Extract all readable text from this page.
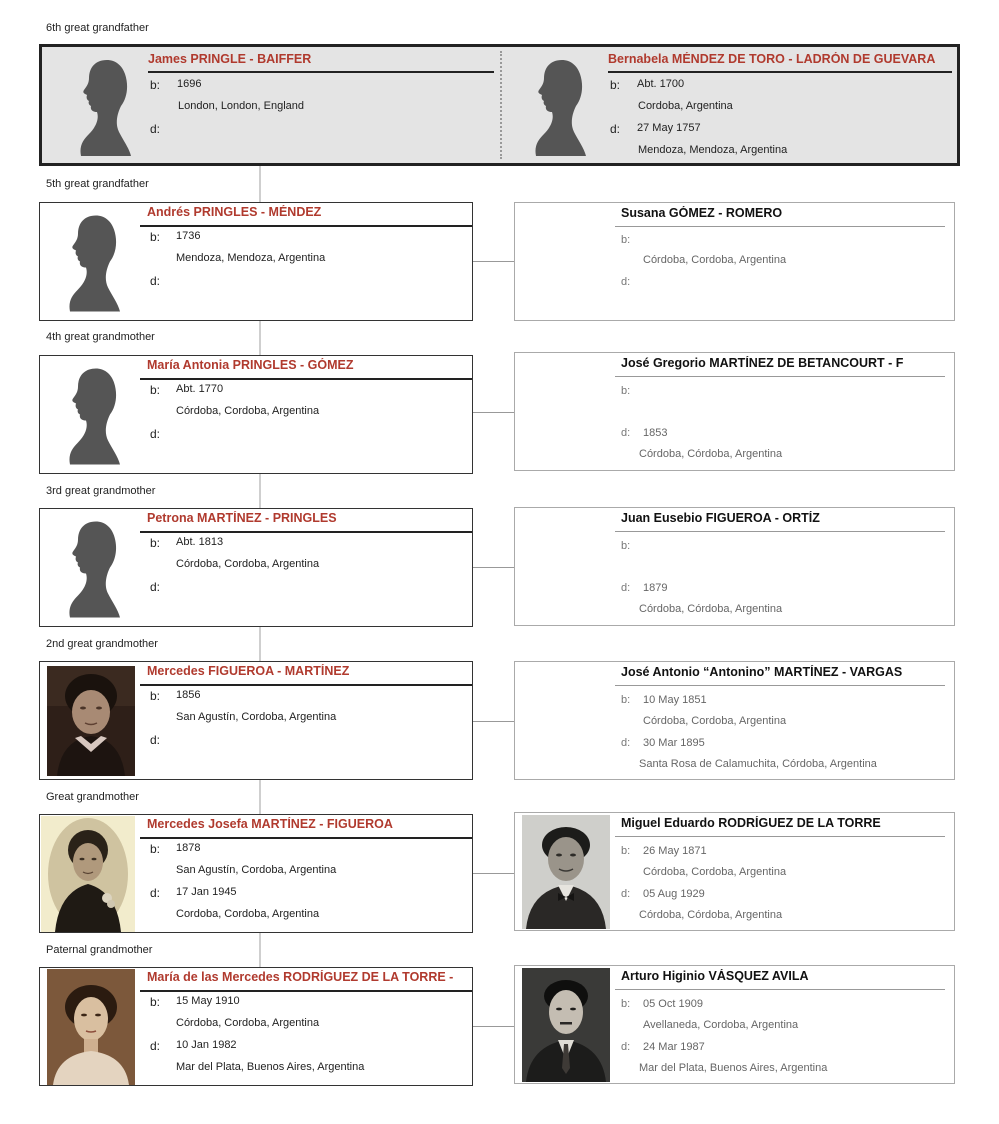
6th great grandfather
5th great grandfather
4th great grandmother
3rd great grandmother
2nd great grandmother
Great grandmother
Paternal grandmother
James PRINGLE - BAIFFER
b: 1696
London, London, England
d:
Bernabela MÉNDEZ DE TORO - LADRÓN DE GUEVARA
b: Abt. 1700
Cordoba, Argentina
d: 27 May 1757
Mendoza, Mendoza, Argentina
Andrés PRINGLES - MÉNDEZ
b: 1736
Mendoza, Mendoza, Argentina
d:
Susana GÓMEZ - ROMERO
b:
Córdoba, Cordoba, Argentina
d:
María Antonia PRINGLES - GÓMEZ
b: Abt. 1770
Córdoba, Cordoba, Argentina
d:
José Gregorio MARTÍNEZ DE BETANCOURT - F
b:
d: 1853
Córdoba, Córdoba, Argentina
Petrona MARTÍNEZ - PRINGLES
b: Abt. 1813
Córdoba, Cordoba, Argentina
d:
Juan Eusebio FIGUEROA - ORTÍZ
b:
d: 1879
Córdoba, Córdoba, Argentina
Mercedes FIGUEROA - MARTÍNEZ
b: 1856
San Agustín, Cordoba, Argentina
d:
José Antonio “Antonino” MARTÍNEZ - VARGAS
b: 10 May 1851
Córdoba, Cordoba, Argentina
d: 30 Mar 1895
Santa Rosa de Calamuchita, Córdoba, Argentina
Mercedes Josefa MARTÍNEZ - FIGUEROA
b: 1878
San Agustín, Cordoba, Argentina
d: 17 Jan 1945
Cordoba, Cordoba, Argentina
Miguel Eduardo RODRÍGUEZ DE LA TORRE
b: 26 May 1871
Córdoba, Cordoba, Argentina
d: 05 Aug 1929
Córdoba, Córdoba, Argentina
María de las Mercedes RODRÍGUEZ DE LA TORRE -
b: 15 May 1910
Córdoba, Cordoba, Argentina
d: 10 Jan 1982
Mar del Plata, Buenos Aires, Argentina
Arturo Higinio VÁSQUEZ AVILA
b: 05 Oct 1909
Avellaneda, Cordoba, Argentina
d: 24 Mar 1987
Mar del Plata, Buenos Aires, Argentina
